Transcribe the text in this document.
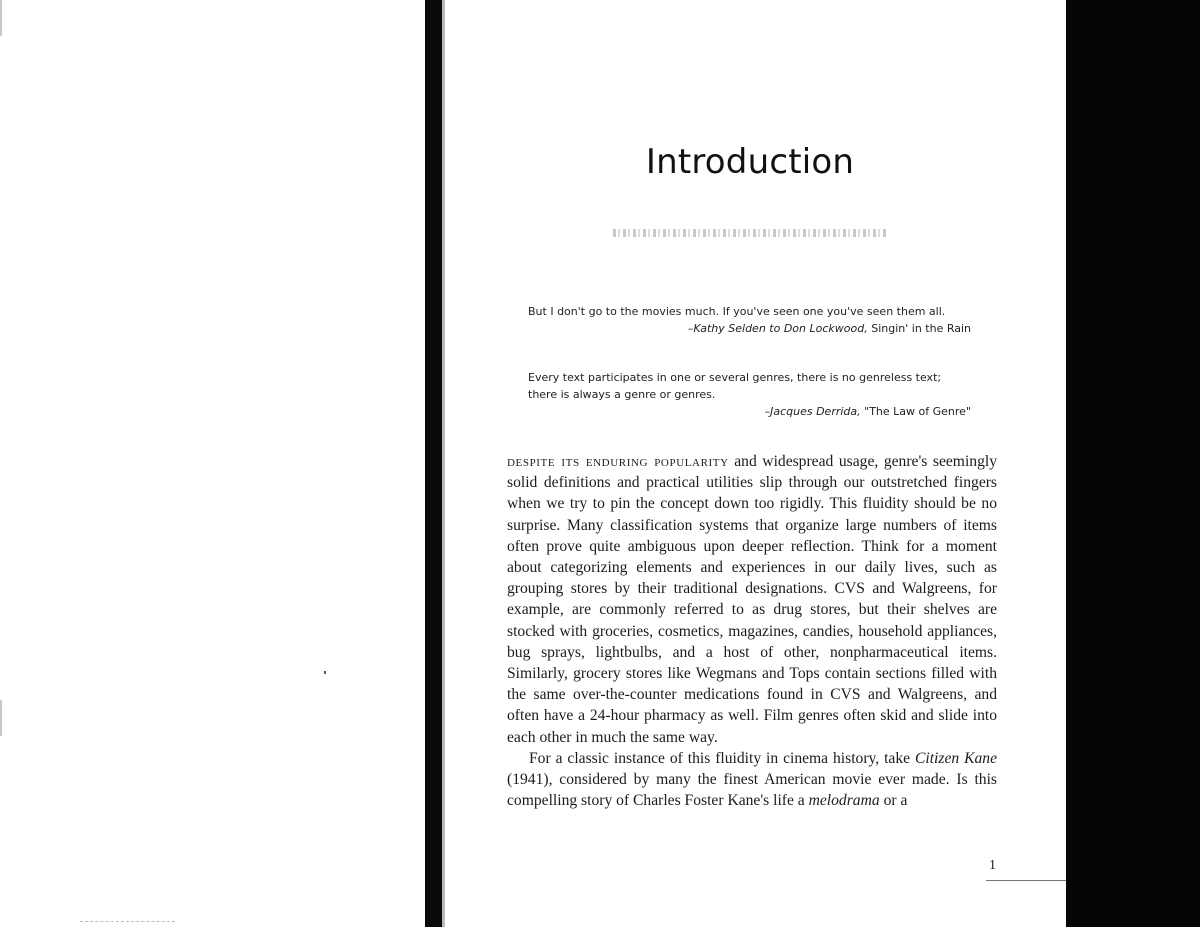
Introduction

But I don't go to the movies much. If you've seen one you've seen them all.

–Kathy Selden to Don Lockwood, Singin' in the Rain

Every text participates in one or several genres, there is no genreless text; there is always a genre or genres.

–Jacques Derrida, "The Law of Genre"

despite its enduring popularity and widespread usage, genre's seemingly solid definitions and practical utilities slip through our outstretched fingers when we try to pin the concept down too rigidly. This fluidity should be no surprise. Many classification systems that organize large numbers of items often prove quite ambiguous upon deeper reflection. Think for a moment about categorizing elements and experiences in our daily lives, such as grouping stores by their traditional designations. CVS and Walgreens, for example, are commonly referred to as drug stores, but their shelves are stocked with groceries, cosmetics, magazines, candies, household appliances, bug sprays, lightbulbs, and a host of other, nonpharmaceutical items. Similarly, grocery stores like Wegmans and Tops contain sections filled with the same over-the-counter medications found in CVS and Walgreens, and often have a 24-hour pharmacy as well. Film genres often skid and slide into each other in much the same way.

For a classic instance of this fluidity in cinema history, take Citizen Kane (1941), considered by many the finest American movie ever made. Is this compelling story of Charles Foster Kane's life a melodrama or a

1
